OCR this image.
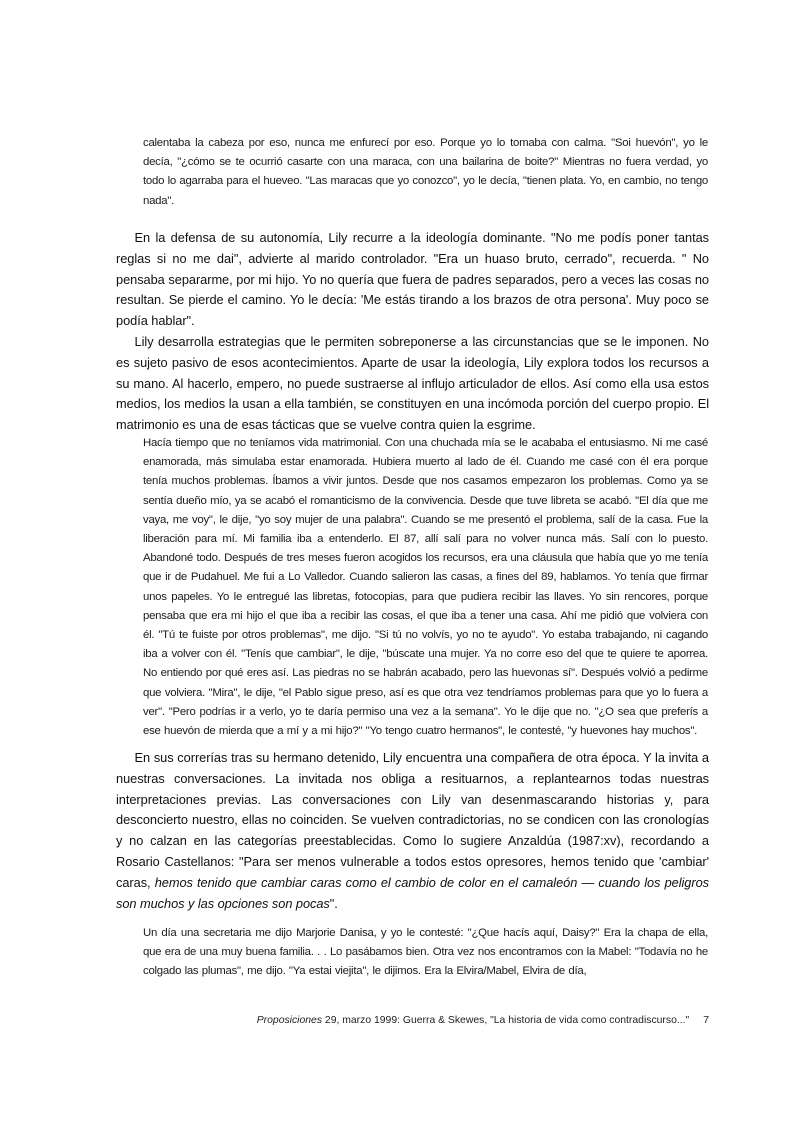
calentaba la cabeza por eso, nunca me enfurecí por eso. Porque yo lo tomaba con calma. "Soi huevón", yo le decía, "¿cómo se te ocurrió casarte con una maraca, con una bailarina de boite?" Mientras no fuera verdad, yo todo lo agarraba para el hueveo. "Las maracas que yo conozco", yo le decía, "tienen plata. Yo, en cambio, no tengo nada".

En la defensa de su autonomía, Lily recurre a la ideología dominante. "No me podís poner tantas reglas si no me dai", advierte al marido controlador. "Era un huaso bruto, cerrado", recuerda. " No pensaba separarme, por mi hijo. Yo no quería que fuera de padres separados, pero a veces las cosas no resultan. Se pierde el camino. Yo le decía: 'Me estás tirando a los brazos de otra persona'. Muy poco se podía hablar".

Lily desarrolla estrategias que le permiten sobreponerse a las circunstancias que se le imponen. No es sujeto pasivo de esos acontecimientos. Aparte de usar la ideología, Lily explora todos los recursos a su mano. Al hacerlo, empero, no puede sustraerse al influjo articulador de ellos. Así como ella usa estos medios, los medios la usan a ella también, se constituyen en una incómoda porción del cuerpo propio. El matrimonio es una de esas tácticas que se vuelve contra quien la esgrime.

Hacía tiempo que no teníamos vida matrimonial. Con una chuchada mía se le acababa el entusiasmo. Ni me casé enamorada, más simulaba estar enamorada. Hubiera muerto al lado de él. Cuando me casé con él era porque tenía muchos problemas. Íbamos a vivir juntos. Desde que nos casamos empezaron los problemas. Como ya se sentía dueño mío, ya se acabó el romanticismo de la convivencia. Desde que tuve libreta se acabó. "El día que me vaya, me voy", le dije, "yo soy mujer de una palabra". Cuando se me presentó el problema, salí de la casa. Fue la liberación para mí. Mi familia iba a entenderlo. El 87, allí salí para no volver nunca más. Salí con lo puesto. Abandoné todo. Después de tres meses fueron acogidos los recursos, era una cláusula que había que yo me tenía que ir de Pudahuel. Me fui a Lo Valledor. Cuando salieron las casas, a fines del 89, hablamos. Yo tenía que firmar unos papeles. Yo le entregué las libretas, fotocopias, para que pudiera recibir las llaves. Yo sin rencores, porque pensaba que era mi hijo el que iba a recibir las cosas, el que iba a tener una casa. Ahí me pidió que volviera con él. "Tú te fuiste por otros problemas", me dijo. "Si tú no volvís, yo no te ayudo". Yo estaba trabajando, ni cagando iba a volver con él. "Tenís que cambiar", le dije, "búscate una mujer. Ya no corre eso del que te quiere te aporrea. No entiendo por qué eres así. Las piedras no se habrán acabado, pero las huevonas sí". Después volvió a pedirme que volviera. "Mira", le dije, "el Pablo sigue preso, así es que otra vez tendríamos problemas para que yo lo fuera a ver". "Pero podrías ir a verlo, yo te daría permiso una vez a la semana". Yo le dije que no. "¿O sea que preferís a ese huevón de mierda que a mí y a mi hijo?" "Yo tengo cuatro hermanos", le contesté, "y huevones hay muchos".

En sus correrías tras su hermano detenido, Lily encuentra una compañera de otra época. Y la invita a nuestras conversaciones. La invitada nos obliga a resituarnos, a replantearnos todas nuestras interpretaciones previas. Las conversaciones con Lily van desenmascarando historias y, para desconcierto nuestro, ellas no coinciden. Se vuelven contradictorias, no se condicen con las cronologías y no calzan en las categorías preestablecidas. Como lo sugiere Anzaldúa (1987:xv), recordando a Rosario Castellanos: "Para ser menos vulnerable a todos estos opresores, hemos tenido que 'cambiar' caras, hemos tenido que cambiar caras como el cambio de color en el camaleón — cuando los peligros son muchos y las opciones son pocas".

Un día una secretaria me dijo Marjorie Danisa, y yo le contesté: "¿Que hacís aquí, Daisy?" Era la chapa de ella, que era de una muy buena familia. . . Lo pasábamos bien. Otra vez nos encontramos con la Mabel: "Todavía no he colgado las plumas", me dijo. "Ya estai viejita", le dijimos. Era la Elvira/Mabel, Elvira de día,

Proposiciones 29, marzo 1999: Guerra & Skewes, "La historia de vida como contradiscurso..." 7
